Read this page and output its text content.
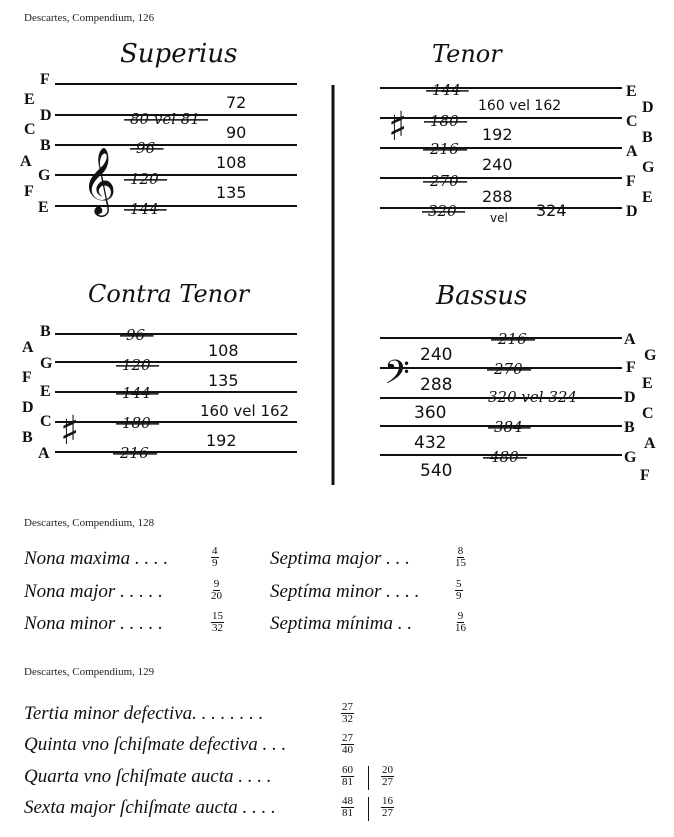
Descartes, Compendium, 126
Superius
F
E
D
C
B
A
G
F
E 𝄞
80 vel 81
96
120
144
72
90
108
135
Tenor
♯
144
180
216
270
320
160 vel 162
192
240
288
vel 324
E
D
C
B
A
G
F
E
D
Contra Tenor
B
A
G
F
E
D
C
B
A ♯
96
120
144
180
216
108
135
160 vel 162
192
Bassus
𝄢
216
270
320 vel 324
384
480
240
288
360
432
540
A
F
G
D
E
B
C
G
A
F
Descartes, Compendium, 128
Nona maxima . . . .	$\frac{4}{9}$
Nona major . . . . .	$\frac{9}{20}$
Nona minor . . . . .	$\frac{15}{32}$
Septima major . . .	$\frac{8}{15}$
Septíma minor . . . .	$\frac{5}{9}$
Septima mínima . .	$\frac{9}{16}$
Descartes, Compendium, 129
Tertia minor defectiva. . . . . . . .	$\frac{27}{32}$
Quinta vno ſchiſmate defectiva . . .	$\frac{27}{40}$
Quarta vno ſchiſmate aucta . . . .	$\frac{60}{81} \frac{20}{27}$
Sexta major ſchiſmate aucta . . . .	$\frac{48}{81} \frac{16}{27}$
